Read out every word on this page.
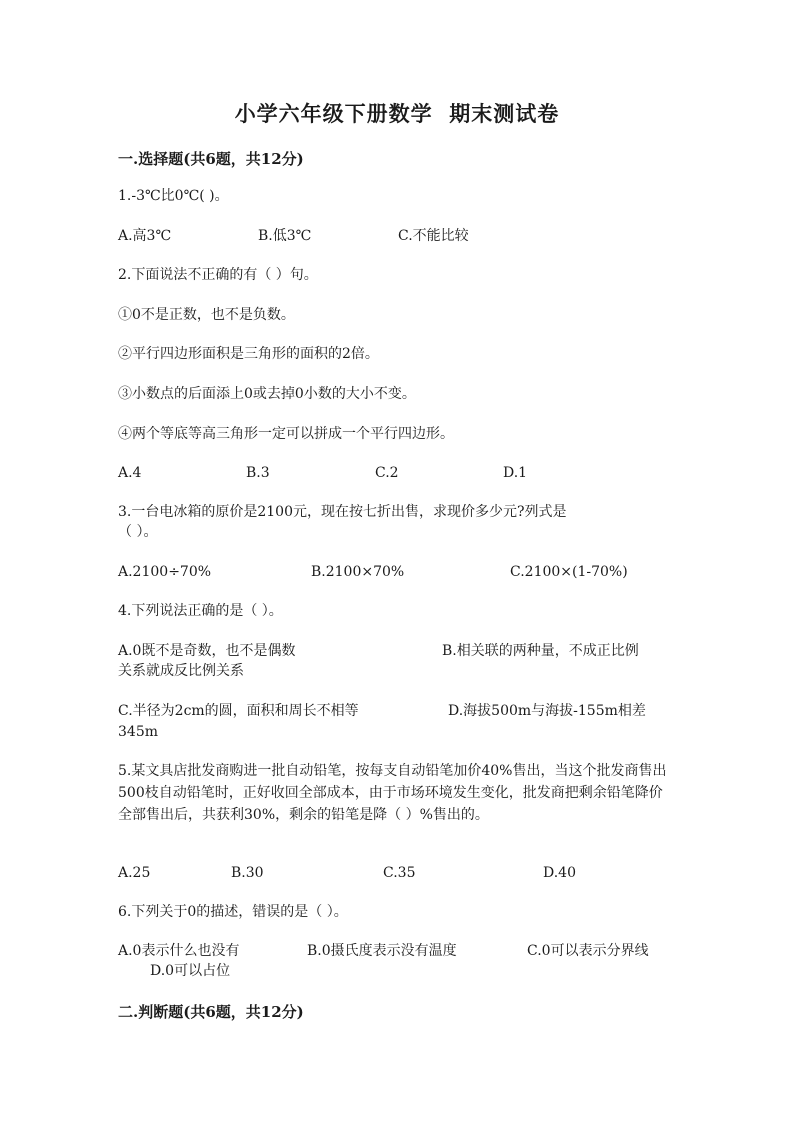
小学六年级下册数学  期末测试卷
一.选择题(共6题，共12分)
1.-3℃比0℃( )。
A.高3℃	B.低3℃	C.不能比较
2.下面说法不正确的有（ ）句。
①0不是正数，也不是负数。
②平行四边形面积是三角形的面积的2倍。
③小数点的后面添上0或去掉0小数的大小不变。
④两个等底等高三角形一定可以拼成一个平行四边形。
A.4	B.3	C.2	D.1
3.一台电冰箱的原价是2100元，现在按七折出售，求现价多少元?列式是
（ ）。
A.2100÷70%	B.2100×70%	C.2100×(1-70%)
4.下列说法正确的是（ ）。
A.0既不是奇数，也不是偶数	B.相关联的两种量，不成正比例
关系就成反比例关系
C.半径为2cm的圆，面积和周长不相等	D.海拔500m与海拔-155m相差
345m
5.某文具店批发商购进一批自动铅笔，按每支自动铅笔加价40%售出，当这个批发商售出500枝自动铅笔时，正好收回全部成本，由于市场环境发生变化，批发商把剩余铅笔降价全部售出后，共获利30%，剩余的铅笔是降（ ）%售出的。
A.25	B.30	C.35	D.40
6.下列关于0的描述，错误的是（ ）。
A.0表示什么也没有	B.0摄氏度表示没有温度	C.0可以表示分界线
D.0可以占位
二.判断题(共6题，共12分)
